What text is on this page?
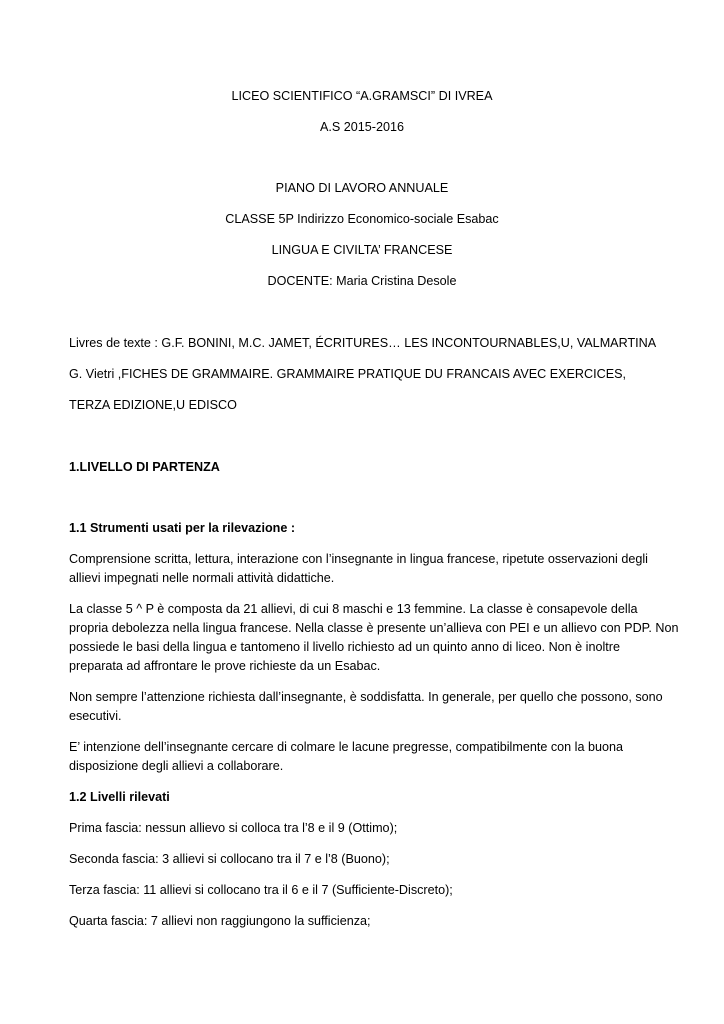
LICEO SCIENTIFICO “A.GRAMSCI” DI IVREA
A.S 2015-2016
PIANO DI LAVORO ANNUALE
CLASSE 5P Indirizzo Economico-sociale Esabac
LINGUA E CIVILTA’ FRANCESE
DOCENTE: Maria Cristina Desole
Livres de texte : G.F. BONINI, M.C. JAMET, ÉCRITURES… LES INCONTOURNABLES,U, VALMARTINA
G. Vietri ,FICHES DE GRAMMAIRE. GRAMMAIRE PRATIQUE DU FRANCAIS AVEC EXERCICES,
TERZA EDIZIONE,U EDISCO
1.LIVELLO DI PARTENZA
1.1 Strumenti usati per la rilevazione :
Comprensione scritta, lettura, interazione con l’insegnante in lingua francese, ripetute osservazioni degli
allievi impegnati nelle normali attività didattiche.
La classe 5 ^ P è composta da 21 allievi, di cui 8 maschi e 13 femmine. La classe è consapevole della
propria debolezza nella lingua francese. Nella classe è presente un’allieva con PEI e un allievo con PDP. Non
possiede le basi della lingua e tantomeno il livello richiesto ad un quinto anno di liceo. Non è inoltre
preparata ad affrontare le prove richieste da un Esabac.
Non sempre l’attenzione richiesta dall’insegnante, è soddisfatta. In generale, per quello che possono, sono
esecutivi.
E’ intenzione dell’insegnante cercare di colmare le lacune pregresse, compatibilmente con la buona
disposizione degli allievi a collaborare.
1.2 Livelli rilevati
Prima fascia: nessun allievo si colloca tra l’8 e il 9 (Ottimo);
Seconda fascia: 3 allievi si collocano tra il 7 e l’8 (Buono);
Terza fascia: 11 allievi si collocano tra il 6 e il 7 (Sufficiente-Discreto);
Quarta fascia: 7 allievi non raggiungono la sufficienza;
